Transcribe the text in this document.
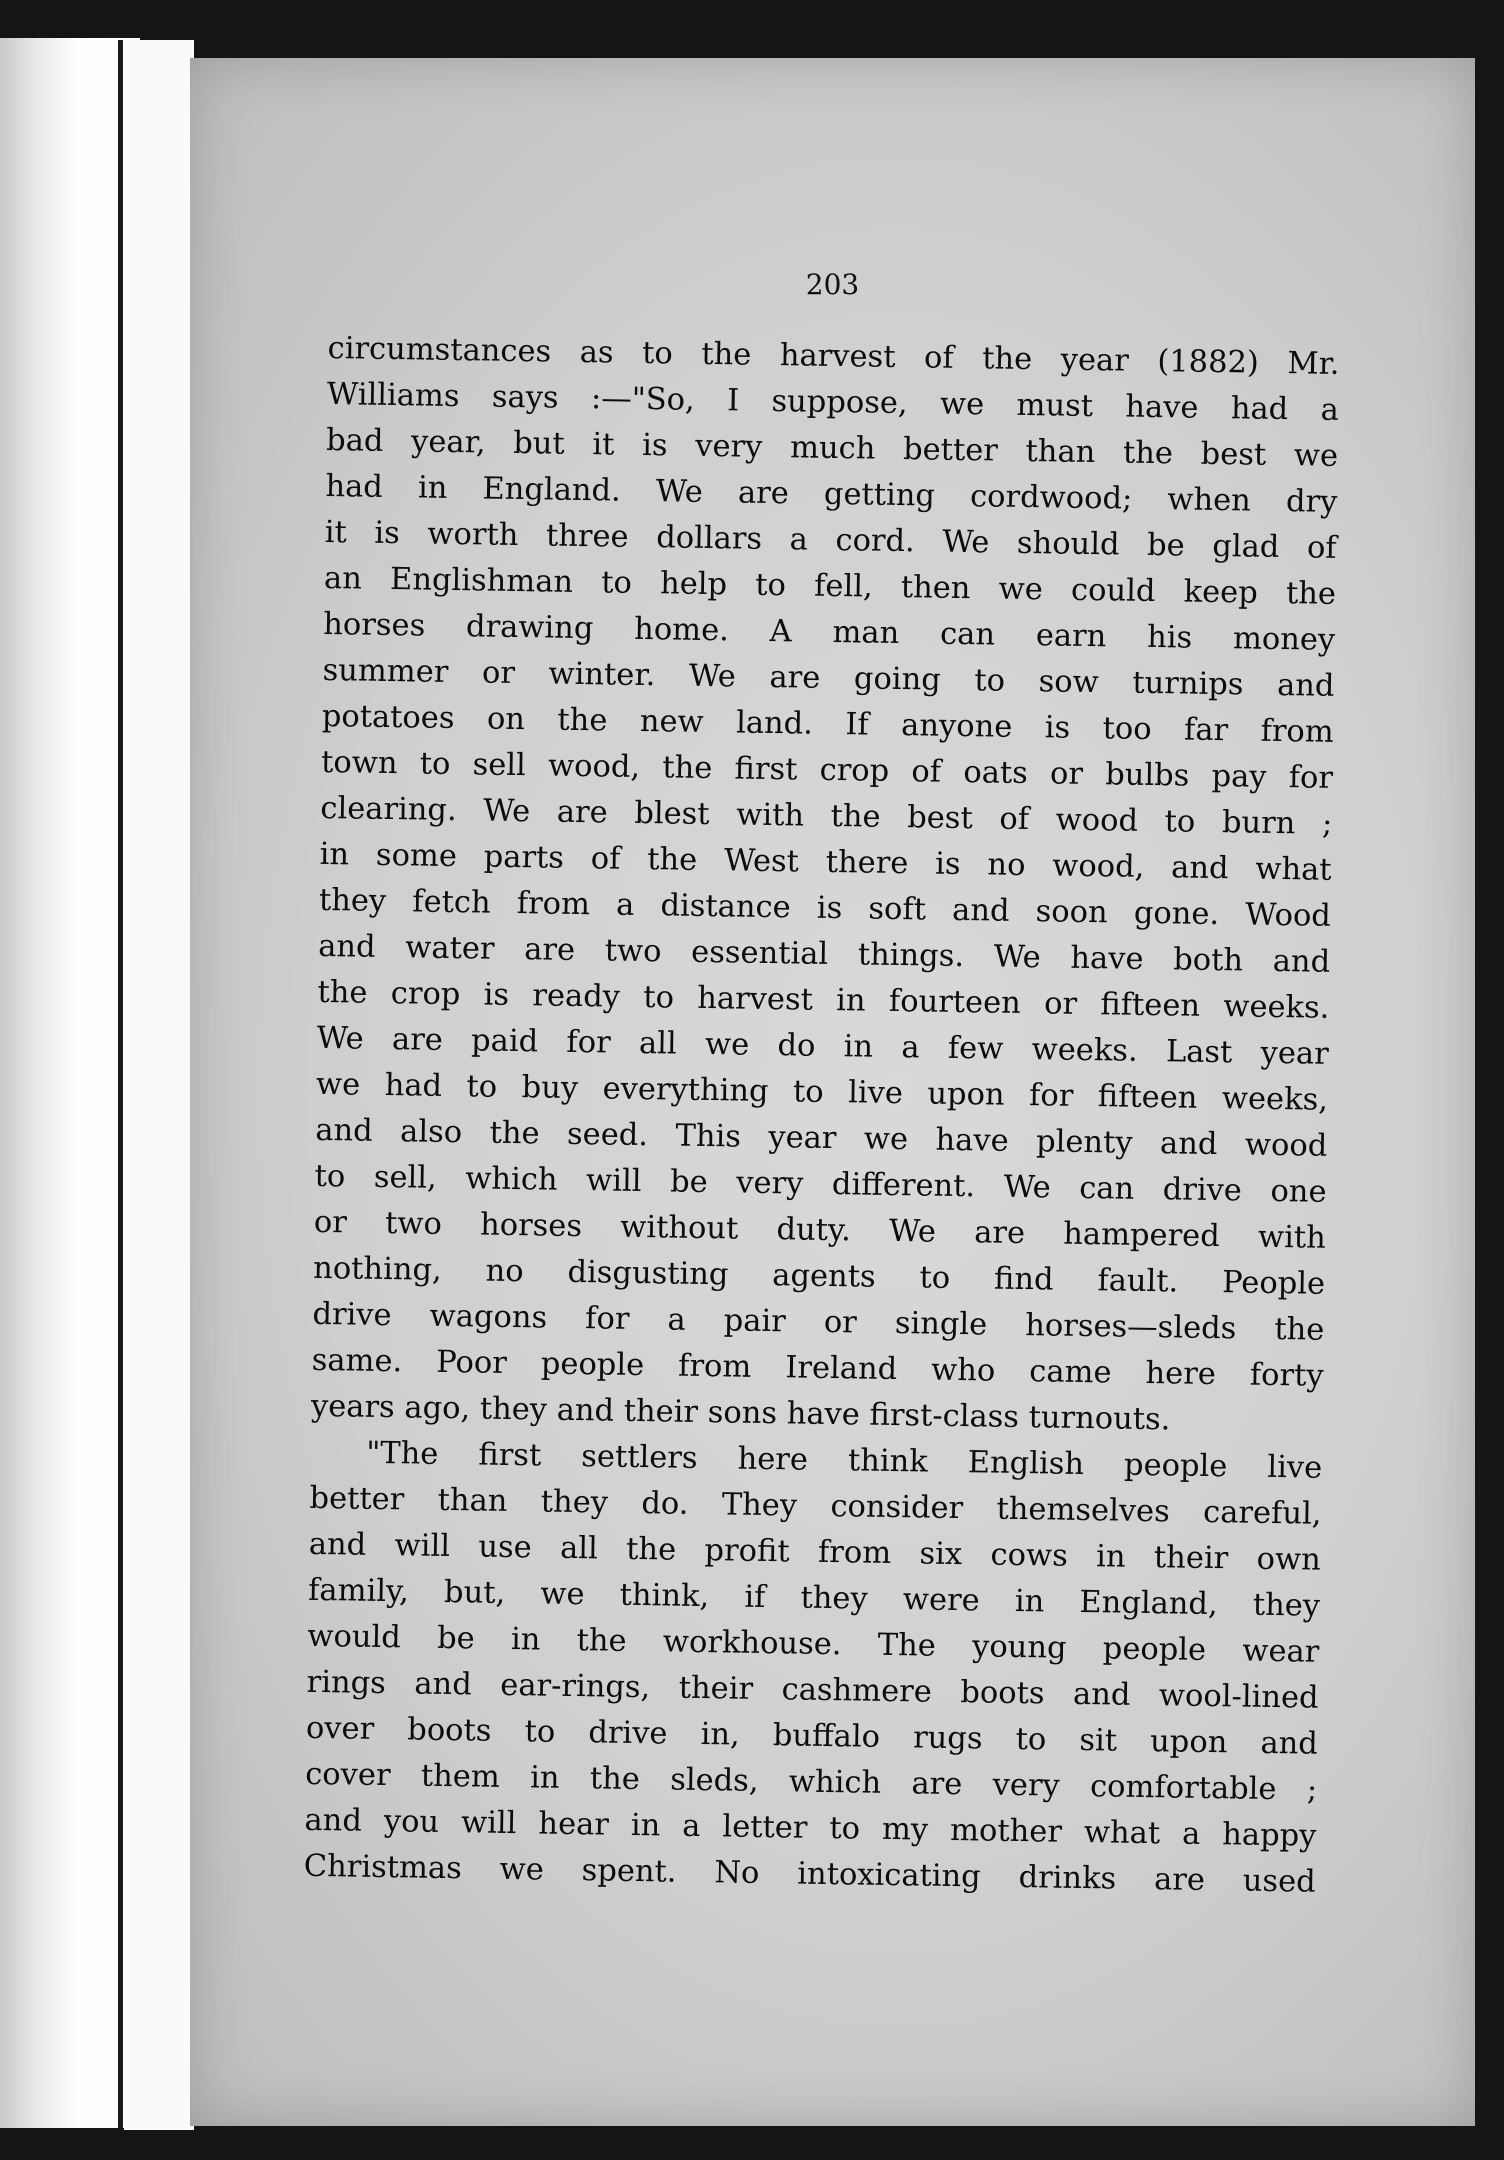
203
circumstances as to the harvest of the year (1882) Mr.
Williams says :—"So, I suppose, we must have had a
bad year, but it is very much better than the best we
had in England. We are getting cordwood; when dry
it is worth three dollars a cord. We should be glad of
an Englishman to help to fell, then we could keep the
horses drawing home. A man can earn his money
summer or winter. We are going to sow turnips and
potatoes on the new land. If anyone is too far from
town to sell wood, the first crop of oats or bulbs pay for
clearing. We are blest with the best of wood to burn ;
in some parts of the West there is no wood, and what
they fetch from a distance is soft and soon gone. Wood
and water are two essential things. We have both and
the crop is ready to harvest in fourteen or fifteen weeks.
We are paid for all we do in a few weeks. Last year
we had to buy everything to live upon for fifteen weeks,
and also the seed. This year we have plenty and wood
to sell, which will be very different. We can drive one
or two horses without duty. We are hampered with
nothing, no disgusting agents to find fault. People
drive wagons for a pair or single horses—sleds the
same. Poor people from Ireland who came here forty
years ago, they and their sons have first-class turnouts.
"The first settlers here think English people live
better than they do. They consider themselves careful,
and will use all the profit from six cows in their own
family, but, we think, if they were in England, they
would be in the workhouse. The young people wear
rings and ear-rings, their cashmere boots and wool-lined
over boots to drive in, buffalo rugs to sit upon and
cover them in the sleds, which are very comfortable ;
and you will hear in a letter to my mother what a happy
Christmas we spent. No intoxicating drinks are used
